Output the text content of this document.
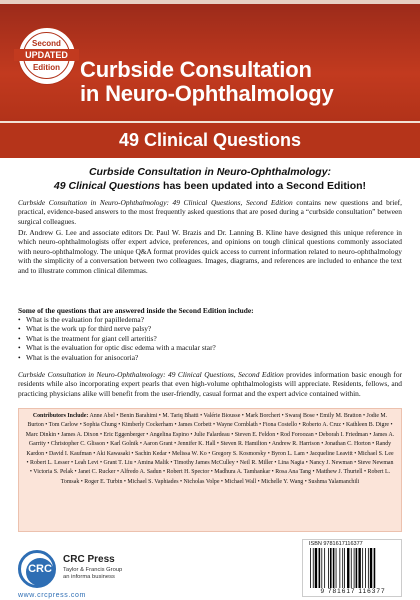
Second
UPDATED
Edition Curbside Consultation
in Neuro-Ophthalmology
49 Clinical Questions
Curbside Consultation in Neuro-Ophthalmology:
49 Clinical Questions has been updated into a Second Edition!

Curbside Consultation in Neuro-Ophthalmology: 49 Clinical Questions, Second Edition contains new questions and brief, practical, evidence-based answers to the most frequently asked questions that are posed during a “curbside consultation” between surgical colleagues.

Dr. Andrew G. Lee and associate editors Dr. Paul W. Brazis and Dr. Lanning B. Kline have designed this unique reference in which neuro-ophthalmologists offer expert advice, preferences, and opinions on tough clinical questions commonly associated with neuro-ophthalmology. The unique Q&A format provides quick access to current information related to neuro-ophthalmology with the simplicity of a conversation between two colleagues. Images, diagrams, and references are included to enhance the text and to illustrate common clinical dilemmas.

Some of the questions that are answered inside the Second Edition include:

• What is the evaluation for papilledema?
• What is the work up for third nerve palsy?
• What is the treatment for giant cell arteritis?
• What is the evaluation for optic disc edema with a macular star?
• What is the evaluation for anisocoria?

Curbside Consultation in Neuro-Ophthalmology: 49 Clinical Questions, Second Edition provides information basic enough for residents while also incorporating expert pearls that even high-volume ophthalmologists will appreciate. Residents, fellows, and practicing physicians alike will benefit from the user-friendly, casual format and the expert advice contained within.

Contributors Include: Anne Abel • Benin Barahimi • M. Tariq Bhatti • Valérie Biousse • Mark Borchert • Swaraj Bose • Emily M. Bratton • Jodie M. Burton • Tom Carlow • Sophia Chung • Kimberly Cockerham • James Corbett • Wayne Cornblath • Fiona Costello • Roberto A. Cruz • Kathleen B. Digre • Marc Dinkin • James A. Dixon • Eric Eggenberger • Angelina Espino • Julie Falardeau • Steven E. Feldon • Rod Foroozan • Deborah I. Friedman • James A. Garrity • Christopher C. Glisson • Karl Golnik • Aaron Grant • Jennifer K. Hall • Steven R. Hamilton • Andrew R. Harrison • Jonathan C. Horton • Randy Kardon • David I. Kaufman • Aki Kawasaki • Sachin Kedar • Melissa W. Ko • Gregory S. Kosmorsky • Byron L. Lam • Jacqueline Leavitt • Michael S. Lee • Robert L. Lesser • Leah Levi • Grant T. Liu • Amina Malik • Timothy James McCulley • Neil R. Miller • Lina Nagia • Nancy J. Newman • Steve Newman • Victoria S. Pelak • Janet C. Rucker • Alfredo A. Sadun • Robert H. Spector • Madhura A. Tamhankar • Rosa Ana Tang • Matthew J. Thurtell • Robert L. Tomsak • Roger E. Turbin • Michael S. Vaphiades • Nicholas Volpe • Michael Wall • Michelle Y. Wang • Sushma Yalamanchili
CRC
CRC Press
Taylor & Francis Group
an informa business
www.crcpress.com
ISBN 9781617116377
9 781617 116377
